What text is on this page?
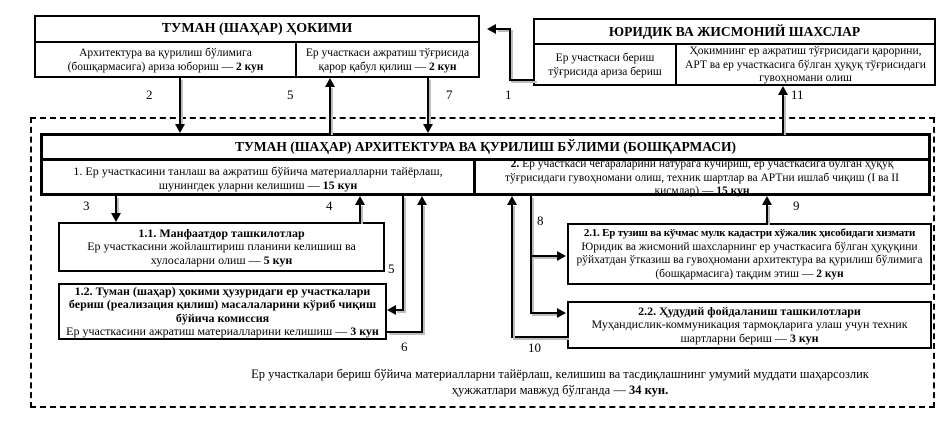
ТУМАН (ШАҲАР) ҲОКИМИ
Архитектура ва қурилиш бўлимига (бошқармасига) ариза юбориш — 2 кун
Ер участкаси ажратиш тўғрисида қарор қабул қилиш — 2 кун
ЮРИДИК ВА ЖИСМОНИЙ ШАХСЛАР
Ер участкаси бериш тўғрисида ариза бериш
Ҳокимнинг ер ажратиш тўғрисидаги қарорини, АРТ ва ер участкасига бўлган ҳуқуқ тўғрисидаги гувоҳномани олиш
ТУМАН (ШАҲАР) АРХИТЕКТУРА ВА ҚУРИЛИШ БЎЛИМИ (БОШҚАРМАСИ)
1. Ер участкасини танлаш ва ажратиш бўйича материалларни тайёрлаш, шунингдек уларни келишиш — 15 кун
2. Ер участкаси чегараларини натурага кўчириш, ер участкасига бўлган ҳуқуқ тўғрисидаги гувоҳномани олиш, техник шартлар ва АРТни ишлаб чиқиш (I ва II қисмлар) — 15 кун
1.1. Манфаатдор ташкилотлар
Ер участкасини жойлаштириш планини келишиш ва хулосаларни олиш — 5 кун
1.2. Туман (шаҳар) ҳокими ҳузуридаги ер участкалари бериш (реализация қилиш) масалаларини кўриб чиқиш бўйича комиссия
Ер участкасини ажратиш материалларини келишиш — 3 кун
2.1. Ер тузиш ва кўчмас мулк кадастри хўжалик ҳисобидаги хизмати
Юридик ва жисмоний шахсларнинг ер участкасига бўлган ҳуқуқини рўйхатдан ўтказиш ва гувоҳномани архитектура ва қурилиш бўлимига (бошқармасига) тақдим этиш — 2 кун
2.2. Ҳудудий фойдаланиш ташкилотлари
Муҳандислик-коммуникация тармоқларига улаш учун техник шартларни бериш — 3 кун
Ер участкалари бериш бўйича материалларни тайёрлаш, келишиш ва тасдиқлашнинг умумий муддати шаҳарсозлик ҳужжатлари мавжуд бўлганда — 34 кун.
2	5	7	1	11
3	4
5
6
8
9
10
